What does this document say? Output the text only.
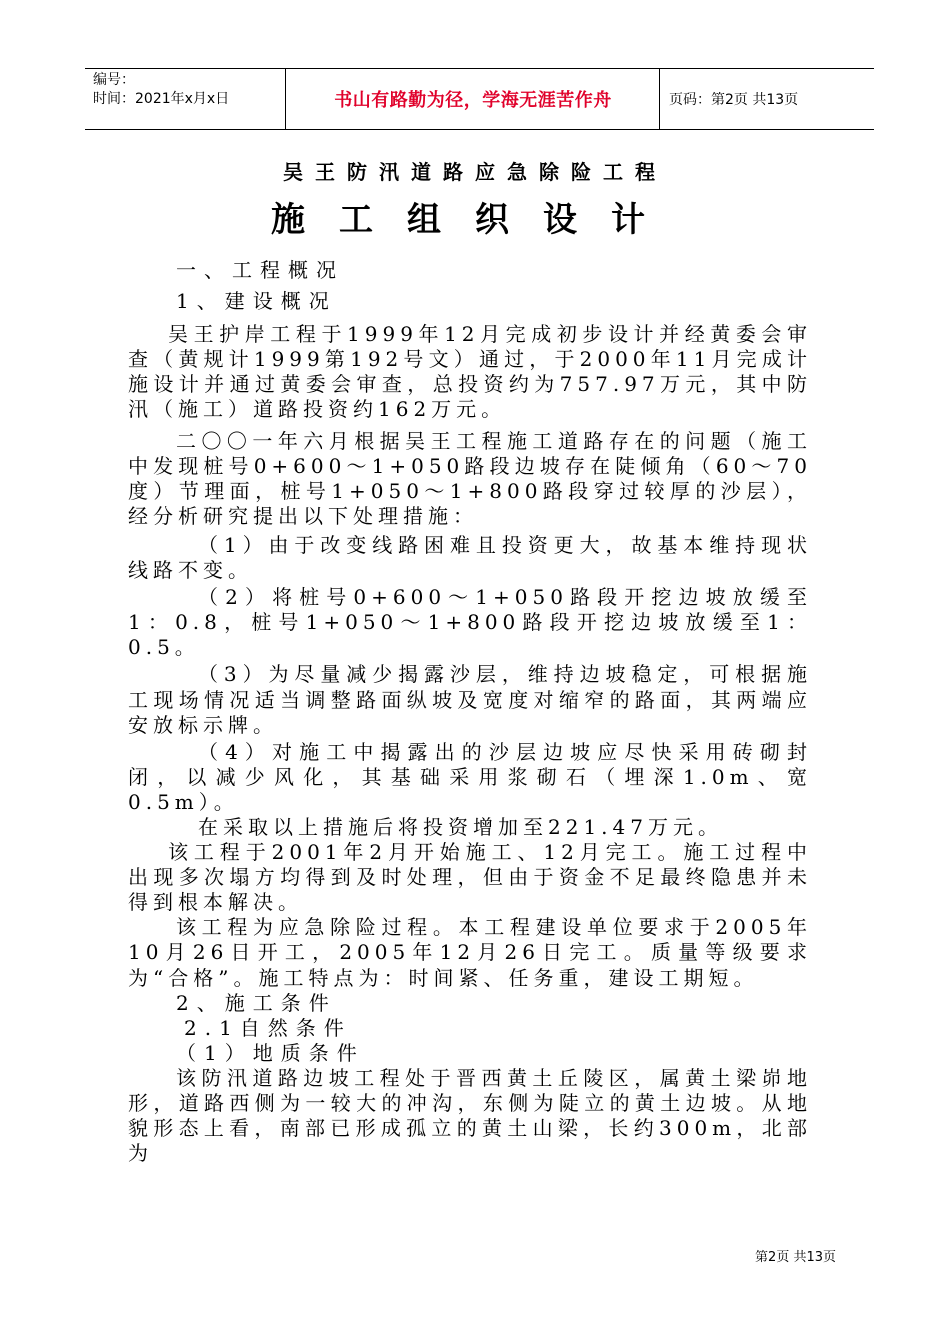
编号：
时间：2021年x月x日	书山有路勤为径，学海无涯苦作舟	页码：第2页 共13页
吴王防汛道路应急除险工程
施工组织设计

一、工程概况

1、建设概况

吴王护岸工程于1999年12月完成初步设计并经黄委会审查（黄规计1999第192号文）通过，于2000年11月完成计施设计并通过黄委会审查，总投资约为757.97万元，其中防汛（施工）道路投资约162万元。

二〇〇一年六月根据吴王工程施工道路存在的问题（施工中发现桩号0+600～1+050路段边坡存在陡倾角（60～70度）节理面，桩号1+050～1+800路段穿过较厚的沙层），经分析研究提出以下处理措施：

（1）由于改变线路困难且投资更大，故基本维持现状线路不变。

（2）将桩号0+600～1+050路段开挖边坡放缓至1：0.8，桩号1+050～1+800路段开挖边坡放缓至1：0.5。

（3）为尽量减少揭露沙层，维持边坡稳定，可根据施工现场情况适当调整路面纵坡及宽度对缩窄的路面，其两端应安放标示牌。

（4）对施工中揭露出的沙层边坡应尽快采用砖砌封闭，以减少风化，其基础采用浆砌石（埋深1.0m、宽0.5m）。

在采取以上措施后将投资增加至221.47万元。

该工程于2001年2月开始施工、12月完工。施工过程中出现多次塌方均得到及时处理，但由于资金不足最终隐患并未得到根本解决。

该工程为应急除险过程。本工程建设单位要求于2005年10月26日开工，2005年12月26日完工。质量等级要求为“合格”。施工特点为：时间紧、任务重，建设工期短。

2、施工条件

2.1自然条件

（1）地质条件

该防汛道路边坡工程处于晋西黄土丘陵区，属黄土梁峁地形，道路西侧为一较大的冲沟，东侧为陡立的黄土边坡。从地貌形态上看，南部已形成孤立的黄土山梁，长约300m，北部为

第2页 共13页
